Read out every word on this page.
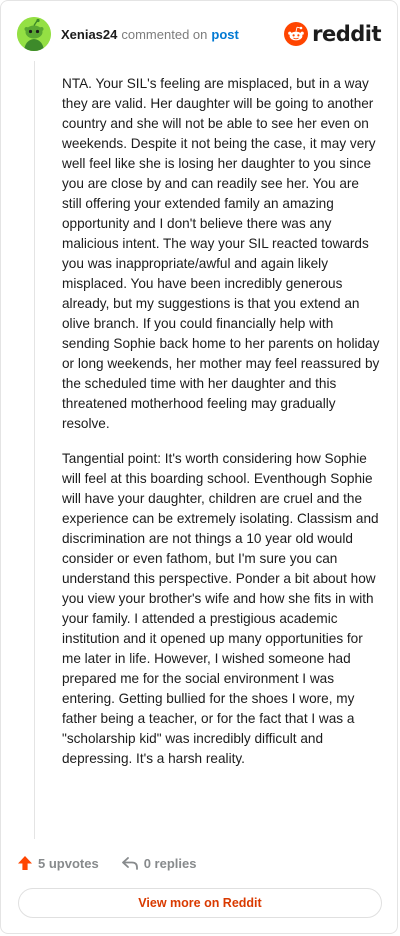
Xenias24 commented on post	reddit

NTA. Your SIL's feeling are misplaced, but in a way they are valid. Her daughter will be going to another country and she will not be able to see her even on weekends. Despite it not being the case, it may very well feel like she is losing her daughter to you since you are close by and can readily see her. You are still offering your extended family an amazing opportunity and I don't believe there was any malicious intent. The way your SIL reacted towards you was inappropriate/awful and again likely misplaced. You have been incredibly generous already, but my suggestions is that you extend an olive branch. If you could financially help with sending Sophie back home to her parents on holiday or long weekends, her mother may feel reassured by the scheduled time with her daughter and this threatened motherhood feeling may gradually resolve.

Tangential point: It's worth considering how Sophie will feel at this boarding school. Eventhough Sophie will have your daughter, children are cruel and the experience can be extremely isolating. Classism and discrimination are not things a 10 year old would consider or even fathom, but I'm sure you can understand this perspective. Ponder a bit about how you view your brother's wife and how she fits in with your family. I attended a prestigious academic institution and it opened up many opportunities for me later in life. However, I wished someone had prepared me for the social environment I was entering. Getting bullied for the shoes I wore, my father being a teacher, or for the fact that I was a "scholarship kid" was incredibly difficult and depressing. It's a harsh reality.

5 upvotes	0 replies
View more on Reddit
